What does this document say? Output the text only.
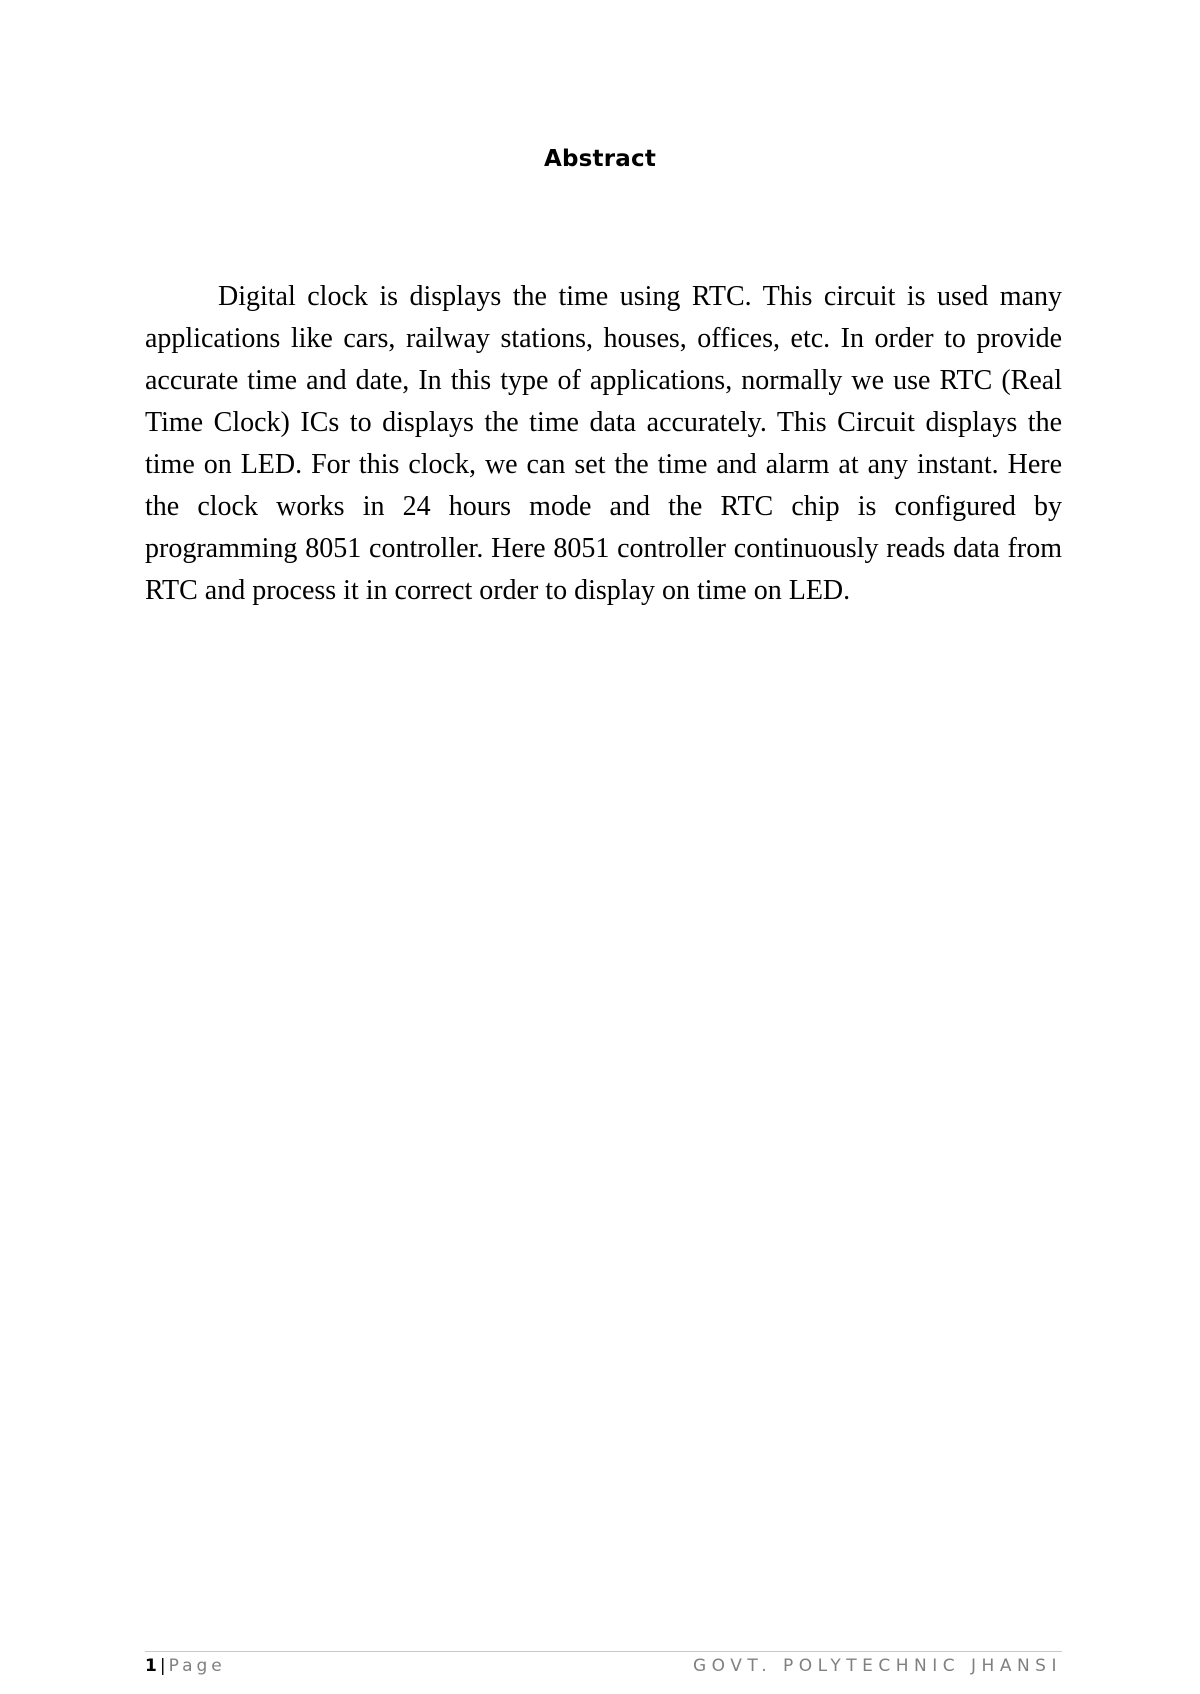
Abstract

Digital clock is displays the time using RTC. This circuit is used many applications like cars, railway stations, houses, offices, etc. In order to provide accurate time and date, In this type of applications, normally we use RTC (Real Time Clock) ICs to displays the time data accurately. This Circuit displays the time on LED. For this clock, we can set the time and alarm at any instant. Here the clock works in 24 hours mode and the RTC chip is configured by programming 8051 controller. Here 8051 controller continuously reads data from RTC and process it in correct order to display on time on LED.

1 | Page	GOVT. POLYTECHNIC JHANSI
